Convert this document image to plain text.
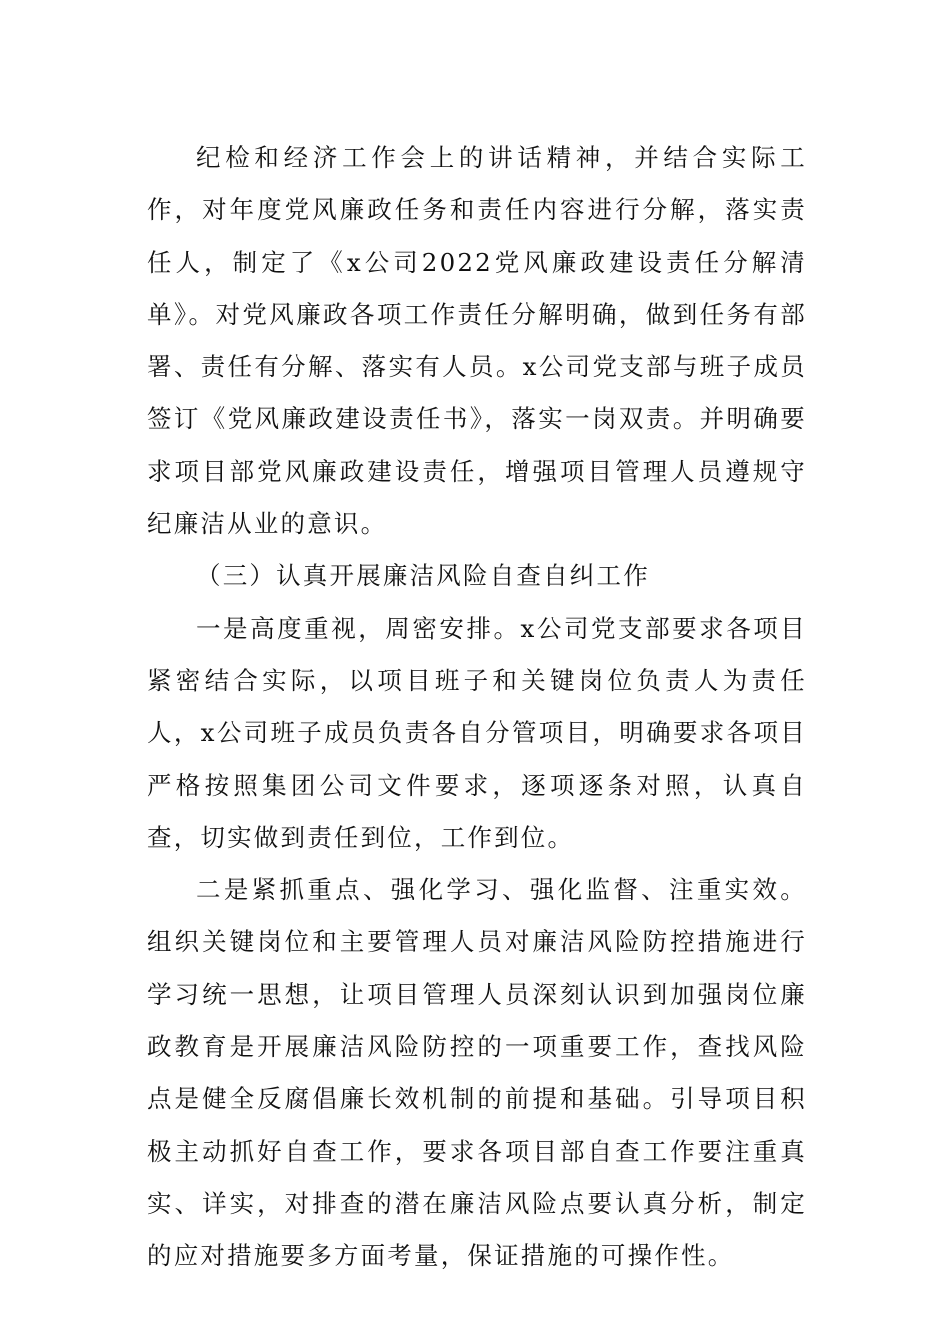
纪检和经济工作会上的讲话精神，并结合实际工作，对年度党风廉政任务和责任内容进行分解，落实责任人，制定了《x公司2022党风廉政建设责任分解清单》。对党风廉政各项工作责任分解明确，做到任务有部署、责任有分解、落实有人员。x公司党支部与班子成员签订《党风廉政建设责任书》，落实一岗双责。并明确要求项目部党风廉政建设责任，增强项目管理人员遵规守纪廉洁从业的意识。

（三）认真开展廉洁风险自查自纠工作

一是高度重视，周密安排。x公司党支部要求各项目紧密结合实际，以项目班子和关键岗位负责人为责任人，x公司班子成员负责各自分管项目，明确要求各项目严格按照集团公司文件要求，逐项逐条对照，认真自查，切实做到责任到位，工作到位。

二是紧抓重点、强化学习、强化监督、注重实效。组织关键岗位和主要管理人员对廉洁风险防控措施进行学习统一思想，让项目管理人员深刻认识到加强岗位廉政教育是开展廉洁风险防控的一项重要工作，查找风险点是健全反腐倡廉长效机制的前提和基础。引导项目积极主动抓好自查工作，要求各项目部自查工作要注重真实、详实，对排查的潜在廉洁风险点要认真分析，制定的应对措施要多方面考量，保证措施的可操作性。
